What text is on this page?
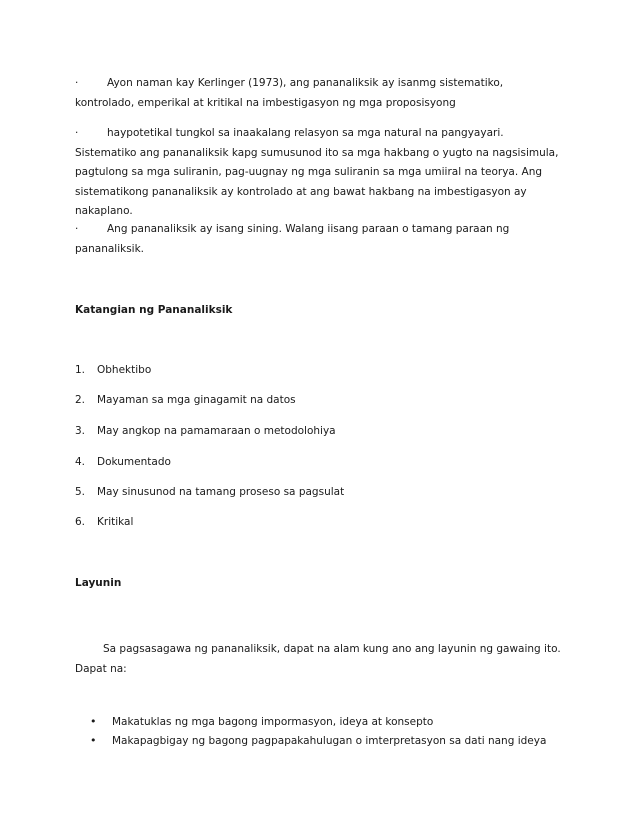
·	Ayon naman kay Kerlinger (1973), ang pananaliksik ay isanmg sistematiko,
kontrolado, emperikal at kritikal na imbestigasyon ng mga proposisyong
·	haypotetikal tungkol sa inaakalang relasyon sa mga natural na pangyayari.
Sistematiko ang pananaliksik kapg sumusunod ito sa mga hakbang o yugto na nagsisimula,
pagtulong sa mga suliranin, pag-uugnay ng mga suliranin sa mga umiiral na teorya. Ang
sistematikong pananaliksik ay kontrolado at ang bawat hakbang na imbestigasyon ay
nakaplano.
·	Ang pananaliksik ay isang sining. Walang iisang paraan o tamang paraan ng
pananaliksik.
Katangian ng Pananaliksik
1. Obhektibo
2. Mayaman sa mga ginagamit na datos
3. May angkop na pamamaraan o metodolohiya
4. Dokumentado
5. May sinusunod na tamang proseso sa pagsulat
6. Kritikal
Layunin
Sa pagsasagawa ng pananaliksik, dapat na alam kung ano ang layunin ng gawaing ito.
Dapat na:
• Makatuklas ng mga bagong impormasyon, ideya at konsepto
• Makapagbigay ng bagong pagpapakahulugan o imterpretasyon sa dati nang ideya
